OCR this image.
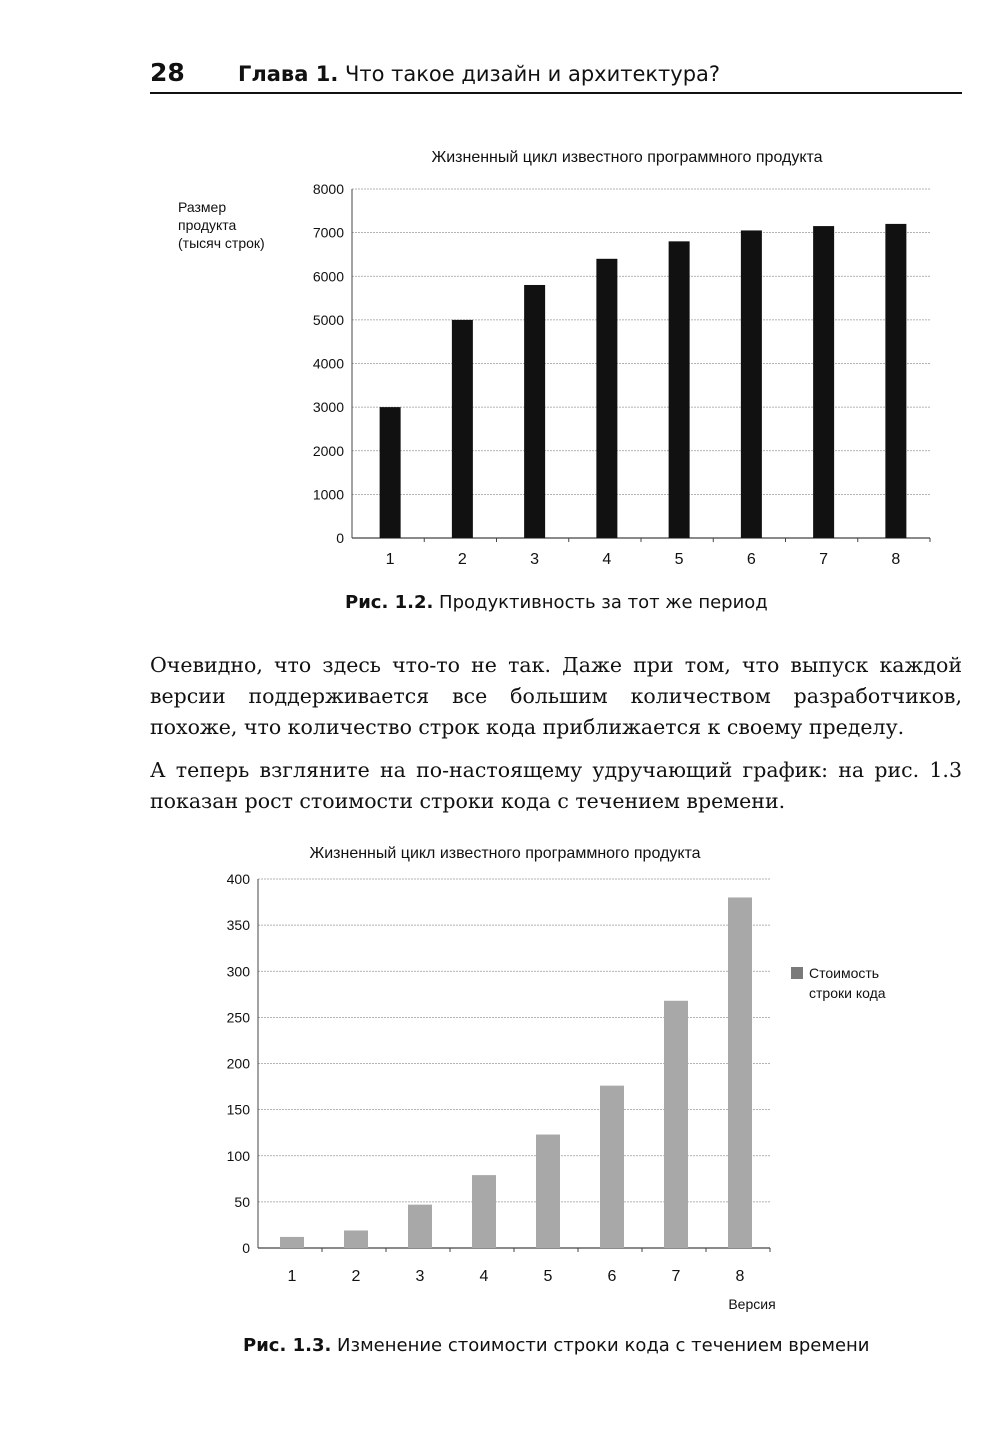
28	Глава 1. Что такое дизайн и архитектура?
Жизненный цикл известного программного продукта
0
1000
2000
3000
4000
5000
6000
7000
8000
1	2	3	4	5	6	7	8
Размер
продукта
(тысяч строк)
Рис. 1.2. Продуктивность за тот же период

Очевидно, что здесь что-то не так. Даже при том, что выпуск каждой версии поддерживается все большим количеством разработчиков, похоже, что количество строк кода приближается к своему пределу.

А теперь взгляните на по-настоящему удручающий график: на рис. 1.3 показан рост стоимости строки кода с течением времени.

Жизненный цикл известного программного продукта
0
50
100
150
200
250
300
350
400
1	2	3	4	5	6	7	8
Стоимость
строки кода
Версия
Рис. 1.3. Изменение стоимости строки кода с течением времени
